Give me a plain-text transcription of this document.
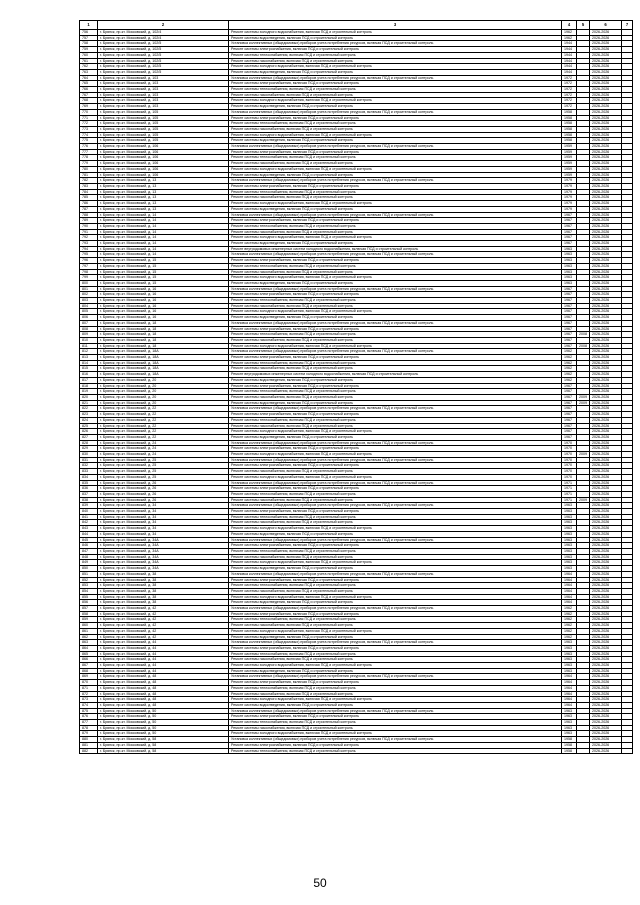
1	2	3	4	5	6	7
756	г. Брянск, пр-кт. Московский, д. 102/4	Ремонт системы холодного водоснабжения, включая ПСД и строительный контроль	1962		2026-2026	
757	г. Брянск, пр-кт. Московский, д. 102/4	Ремонт системы водоотведения, включая ПСД и строительный контроль	1962		2026-2026	
758	г. Брянск, пр-кт. Московский, д. 102/5	Установка коллективных (общедомовых) приборов учета потребления ресурсов, включая ПСД и строительный контроль	1944		2026-2026	
759	г. Брянск, пр-кт. Московский, д. 102/5	Ремонт системы электроснабжения, включая ПСД и строительный контроль	1944		2026-2026	
760	г. Брянск, пр-кт. Московский, д. 102/5	Ремонт системы теплоснабжения, включая ПСД и строительный контроль	1944		2026-2026	
761	г. Брянск, пр-кт. Московский, д. 102/5	Ремонт системы газоснабжения, включая ПСД и строительный контроль	1944		2026-2026	
762	г. Брянск, пр-кт. Московский, д. 102/5	Ремонт системы холодного водоснабжения, включая ПСД и строительный контроль	1944		2026-2026	
763	г. Брянск, пр-кт. Московский, д. 102/5	Ремонт системы водоотведения, включая ПСД и строительный контроль	1944		2026-2026	
764	г. Брянск, пр-кт. Московский, д. 103	Установка коллективных (общедомовых) приборов учета потребления ресурсов, включая ПСД и строительный контроль	1972		2026-2026	
765	г. Брянск, пр-кт. Московский, д. 103	Ремонт системы электроснабжения, включая ПСД и строительный контроль	1972		2026-2026	
766	г. Брянск, пр-кт. Московский, д. 103	Ремонт системы теплоснабжения, включая ПСД и строительный контроль	1972		2026-2026	
767	г. Брянск, пр-кт. Московский, д. 103	Ремонт системы газоснабжения, включая ПСД и строительный контроль	1972		2026-2026	
768	г. Брянск, пр-кт. Московский, д. 103	Ремонт системы холодного водоснабжения, включая ПСД и строительный контроль	1972		2026-2026	
769	г. Брянск, пр-кт. Московский, д. 103	Ремонт системы водоотведения, включая ПСД и строительный контроль	1972		2026-2026	
770	г. Брянск, пр-кт. Московский, д. 105	Установка коллективных (общедомовых) приборов учета потребления ресурсов, включая ПСД и строительный контроль	1958		2026-2026	
771	г. Брянск, пр-кт. Московский, д. 105	Ремонт системы электроснабжения, включая ПСД и строительный контроль	1958		2026-2026	
772	г. Брянск, пр-кт. Московский, д. 105	Ремонт системы теплоснабжения, включая ПСД и строительный контроль	1958		2026-2026	
773	г. Брянск, пр-кт. Московский, д. 105	Ремонт системы газоснабжения, включая ПСД и строительный контроль	1958		2026-2026	
774	г. Брянск, пр-кт. Московский, д. 105	Ремонт системы холодного водоснабжения, включая ПСД и строительный контроль	1958		2026-2026	
775	г. Брянск, пр-кт. Московский, д. 105	Ремонт системы водоотведения, включая ПСД и строительный контроль	1958		2026-2026	
776	г. Брянск, пр-кт. Московский, д. 106	Установка коллективных (общедомовых) приборов учета потребления ресурсов, включая ПСД и строительный контроль	1959		2026-2026	
777	г. Брянск, пр-кт. Московский, д. 106	Ремонт системы электроснабжения, включая ПСД и строительный контроль	1959		2026-2026	
778	г. Брянск, пр-кт. Московский, д. 106	Ремонт системы теплоснабжения, включая ПСД и строительный контроль	1959		2026-2026	
779	г. Брянск, пр-кт. Московский, д. 106	Ремонт системы газоснабжения, включая ПСД и строительный контроль	1959		2026-2026	
780	г. Брянск, пр-кт. Московский, д. 106	Ремонт системы холодного водоснабжения, включая ПСД и строительный контроль	1959		2026-2026	
781	г. Брянск, пр-кт. Московский, д. 106	Ремонт системы водоотведения, включая ПСД и строительный контроль	1959		2026-2026	
782	г. Брянск, пр-кт. Московский, д. 13	Установка коллективных (общедомовых) приборов учета потребления ресурсов, включая ПСД и строительный контроль	1979		2026-2026	
783	г. Брянск, пр-кт. Московский, д. 13	Ремонт системы электроснабжения, включая ПСД и строительный контроль	1979		2026-2026	
784	г. Брянск, пр-кт. Московский, д. 13	Ремонт системы теплоснабжения, включая ПСД и строительный контроль	1979		2026-2026	
785	г. Брянск, пр-кт. Московский, д. 13	Ремонт системы газоснабжения, включая ПСД и строительный контроль	1979		2026-2026	
786	г. Брянск, пр-кт. Московский, д. 13	Ремонт системы холодного водоснабжения, включая ПСД и строительный контроль	1979		2026-2026	
787	г. Брянск, пр-кт. Московский, д. 13	Ремонт системы водоотведения, включая ПСД и строительный контроль	1979		2026-2026	
788	г. Брянск, пр-кт. Московский, д. 14	Установка коллективных (общедомовых) приборов учета потребления ресурсов, включая ПСД и строительный контроль	1967		2026-2026	
789	г. Брянск, пр-кт. Московский, д. 14	Ремонт системы электроснабжения, включая ПСД и строительный контроль	1967		2026-2026	
790	г. Брянск, пр-кт. Московский, д. 14	Ремонт системы теплоснабжения, включая ПСД и строительный контроль	1967		2026-2026	
791	г. Брянск, пр-кт. Московский, д. 14	Ремонт системы газоснабжения, включая ПСД и строительный контроль	1967		2026-2026	
792	г. Брянск, пр-кт. Московский, д. 14	Ремонт системы холодного водоснабжения, включая ПСД и строительный контроль	1967		2026-2026	
793	г. Брянск, пр-кт. Московский, д. 14	Ремонт системы водоотведения, включая ПСД и строительный контроль	1967		2026-2026	
794	г. Брянск, пр-кт. Московский, д. 14	Ремонт внутридомовых инженерных систем холодного водоснабжения, включая ПСД и строительный контроль	1963		2026-2026	
795	г. Брянск, пр-кт. Московский, д. 14	Установка коллективных (общедомовых) приборов учета потребления ресурсов, включая ПСД и строительный контроль	1963		2026-2026	
796	г. Брянск, пр-кт. Московский, д. 15	Ремонт системы электроснабжения, включая ПСД и строительный контроль	1963		2026-2026	
797	г. Брянск, пр-кт. Московский, д. 15	Ремонт системы теплоснабжения, включая ПСД и строительный контроль	1963		2026-2026	
798	г. Брянск, пр-кт. Московский, д. 15	Ремонт системы газоснабжения, включая ПСД и строительный контроль	1963		2026-2026	
799	г. Брянск, пр-кт. Московский, д. 15	Ремонт системы холодного водоснабжения, включая ПСД и строительный контроль	1963		2026-2026	
800	г. Брянск, пр-кт. Московский, д. 15	Ремонт системы водоотведения, включая ПСД и строительный контроль	1963		2026-2026	
801	г. Брянск, пр-кт. Московский, д. 16	Установка коллективных (общедомовых) приборов учета потребления ресурсов, включая ПСД и строительный контроль	1967		2026-2026	
802	г. Брянск, пр-кт. Московский, д. 16	Ремонт системы электроснабжения, включая ПСД и строительный контроль	1967		2026-2026	
803	г. Брянск, пр-кт. Московский, д. 16	Ремонт системы теплоснабжения, включая ПСД и строительный контроль	1967		2026-2026	
804	г. Брянск, пр-кт. Московский, д. 16	Ремонт системы газоснабжения, включая ПСД и строительный контроль	1967		2026-2026	
805	г. Брянск, пр-кт. Московский, д. 16	Ремонт системы холодного водоснабжения, включая ПСД и строительный контроль	1967		2026-2026	
806	г. Брянск, пр-кт. Московский, д. 16	Ремонт системы водоотведения, включая ПСД и строительный контроль	1967		2026-2026	
807	г. Брянск, пр-кт. Московский, д. 18	Установка коллективных (общедомовых) приборов учета потребления ресурсов, включая ПСД и строительный контроль	1967		2026-2026	
808	г. Брянск, пр-кт. Московский, д. 18	Ремонт системы электроснабжения, включая ПСД и строительный контроль	1967		2026-2026	
809	г. Брянск, пр-кт. Московский, д. 18	Ремонт системы теплоснабжения, включая ПСД и строительный контроль	1967	2008	2026-2026	
810	г. Брянск, пр-кт. Московский, д. 18	Ремонт системы газоснабжения, включая ПСД и строительный контроль	1967		2026-2026	
811	г. Брянск, пр-кт. Московский, д. 18	Ремонт системы холодного водоснабжения, включая ПСД и строительный контроль	1967	2008	2026-2026	
812	г. Брянск, пр-кт. Московский, д. 18А	Установка коллективных (общедомовых) приборов учета потребления ресурсов, включая ПСД и строительный контроль	1962		2026-2026	
813	г. Брянск, пр-кт. Московский, д. 18А	Ремонт системы электроснабжения, включая ПСД и строительный контроль	1962		2026-2026	
814	г. Брянск, пр-кт. Московский, д. 18А	Ремонт системы теплоснабжения, включая ПСД и строительный контроль	1962		2026-2026	
815	г. Брянск, пр-кт. Московский, д. 18А	Ремонт системы газоснабжения, включая ПСД и строительный контроль	1962		2026-2026	
816	г. Брянск, пр-кт. Московский, д. 18А	Ремонт внутридомовых инженерных систем холодного водоснабжения, включая ПСД и строительный контроль	1962		2026-2026	
817	г. Брянск, пр-кт. Московский, д. 20	Ремонт системы водоотведения, включая ПСД и строительный контроль	1962		2026-2026	
818	г. Брянск, пр-кт. Московский, д. 20	Ремонт системы электроснабжения, включая ПСД и строительный контроль	1967		2026-2026	
819	г. Брянск, пр-кт. Московский, д. 20	Ремонт системы теплоснабжения, включая ПСД и строительный контроль	1967		2026-2026	
820	г. Брянск, пр-кт. Московский, д. 20	Ремонт системы газоснабжения, включая ПСД и строительный контроль	1967	2009	2026-2026	
821	г. Брянск, пр-кт. Московский, д. 20	Ремонт системы водоотведения, включая ПСД и строительный контроль	1967	2009	2026-2026	
822	г. Брянск, пр-кт. Московский, д. 22	Установка коллективных (общедомовых) приборов учета потребления ресурсов, включая ПСД и строительный контроль	1967		2026-2026	
823	г. Брянск, пр-кт. Московский, д. 22	Ремонт системы электроснабжения, включая ПСД и строительный контроль	1967		2026-2026	
824	г. Брянск, пр-кт. Московский, д. 22	Ремонт системы теплоснабжения, включая ПСД и строительный контроль	1967		2026-2026	
825	г. Брянск, пр-кт. Московский, д. 22	Ремонт системы газоснабжения, включая ПСД и строительный контроль	1967		2026-2026	
826	г. Брянск, пр-кт. Московский, д. 22	Ремонт системы холодного водоснабжения, включая ПСД и строительный контроль	1967		2026-2026	
827	г. Брянск, пр-кт. Московский, д. 22	Ремонт системы водоотведения, включая ПСД и строительный контроль	1967		2026-2026	
828	г. Брянск, пр-кт. Московский, д. 24	Установка коллективных (общедомовых) приборов учета потребления ресурсов, включая ПСД и строительный контроль	1970		2026-2026	
829	г. Брянск, пр-кт. Московский, д. 24	Ремонт системы электроснабжения, включая ПСД и строительный контроль	1970		2026-2026	
830	г. Брянск, пр-кт. Московский, д. 24	Ремонт системы холодного водоснабжения, включая ПСД и строительный контроль	1970	2009	2026-2026	
831	г. Брянск, пр-кт. Московский, д. 25	Установка коллективных (общедомовых) приборов учета потребления ресурсов, включая ПСД и строительный контроль	1970		2026-2026	
832	г. Брянск, пр-кт. Московский, д. 25	Ремонт системы электроснабжения, включая ПСД и строительный контроль	1970		2026-2026	
833	г. Брянск, пр-кт. Московский, д. 25	Ремонт системы газоснабжения, включая ПСД и строительный контроль	1970		2026-2026	
834	г. Брянск, пр-кт. Московский, д. 25	Ремонт системы холодного водоснабжения, включая ПСД и строительный контроль	1970		2026-2026	
835	г. Брянск, пр-кт. Московский, д. 26	Установка коллективных (общедомовых) приборов учета потребления ресурсов, включая ПСД и строительный контроль	1971		2026-2026	
836	г. Брянск, пр-кт. Московский, д. 26	Ремонт системы электроснабжения, включая ПСД и строительный контроль	1971		2026-2026	
837	г. Брянск, пр-кт. Московский, д. 26	Ремонт системы теплоснабжения, включая ПСД и строительный контроль	1971		2026-2026	
838	г. Брянск, пр-кт. Московский, д. 26	Ремонт системы газоснабжения, включая ПСД и строительный контроль	1971	2009	2026-2026	
839	г. Брянск, пр-кт. Московский, д. 34	Установка коллективных (общедомовых) приборов учета потребления ресурсов, включая ПСД и строительный контроль	1963		2026-2026	
840	г. Брянск, пр-кт. Московский, д. 34	Ремонт системы электроснабжения, включая ПСД и строительный контроль	1963		2026-2026	
841	г. Брянск, пр-кт. Московский, д. 34	Ремонт системы теплоснабжения, включая ПСД и строительный контроль	1963		2026-2026	
842	г. Брянск, пр-кт. Московский, д. 34	Ремонт системы газоснабжения, включая ПСД и строительный контроль	1963		2026-2026	
843	г. Брянск, пр-кт. Московский, д. 34	Ремонт системы холодного водоснабжения, включая ПСД и строительный контроль	1963		2026-2026	
844	г. Брянск, пр-кт. Московский, д. 34	Ремонт системы водоотведения, включая ПСД и строительный контроль	1963		2026-2026	
845	г. Брянск, пр-кт. Московский, д. 34А	Установка коллективных (общедомовых) приборов учета потребления ресурсов, включая ПСД и строительный контроль	1963		2026-2026	
846	г. Брянск, пр-кт. Московский, д. 34А	Ремонт системы электроснабжения, включая ПСД и строительный контроль	1963		2026-2026	
847	г. Брянск, пр-кт. Московский, д. 34А	Ремонт системы теплоснабжения, включая ПСД и строительный контроль	1963		2026-2026	
848	г. Брянск, пр-кт. Московский, д. 34А	Ремонт системы газоснабжения, включая ПСД и строительный контроль	1963		2026-2026	
849	г. Брянск, пр-кт. Московский, д. 34А	Ремонт системы холодного водоснабжения, включая ПСД и строительный контроль	1963		2026-2026	
850	г. Брянск, пр-кт. Московский, д. 34А	Ремонт системы водоотведения, включая ПСД и строительный контроль	1963		2026-2026	
851	г. Брянск, пр-кт. Московский, д. 38	Установка коллективных (общедомовых) приборов учета потребления ресурсов, включая ПСД и строительный контроль	1964		2026-2026	
852	г. Брянск, пр-кт. Московский, д. 38	Ремонт системы электроснабжения, включая ПСД и строительный контроль	1964		2026-2026	
853	г. Брянск, пр-кт. Московский, д. 38	Ремонт системы теплоснабжения, включая ПСД и строительный контроль	1964		2026-2026	
854	г. Брянск, пр-кт. Московский, д. 38	Ремонт системы газоснабжения, включая ПСД и строительный контроль	1964		2026-2026	
855	г. Брянск, пр-кт. Московский, д. 38	Ремонт системы холодного водоснабжения, включая ПСД и строительный контроль	1964		2026-2026	
856	г. Брянск, пр-кт. Московский, д. 38	Ремонт системы водоотведения, включая ПСД и строительный контроль	1964		2026-2026	
857	г. Брянск, пр-кт. Московский, д. 42	Установка коллективных (общедомовых) приборов учета потребления ресурсов, включая ПСД и строительный контроль	1962		2026-2026	
858	г. Брянск, пр-кт. Московский, д. 42	Ремонт системы электроснабжения, включая ПСД и строительный контроль	1962		2026-2026	
859	г. Брянск, пр-кт. Московский, д. 42	Ремонт системы теплоснабжения, включая ПСД и строительный контроль	1962		2026-2026	
860	г. Брянск, пр-кт. Московский, д. 42	Ремонт системы газоснабжения, включая ПСД и строительный контроль	1962		2026-2026	
861	г. Брянск, пр-кт. Московский, д. 42	Ремонт системы холодного водоснабжения, включая ПСД и строительный контроль	1962		2026-2026	
862	г. Брянск, пр-кт. Московский, д. 42	Ремонт системы водоотведения, включая ПСД и строительный контроль	1962		2026-2026	
863	г. Брянск, пр-кт. Московский, д. 44	Установка коллективных (общедомовых) приборов учета потребления ресурсов, включая ПСД и строительный контроль	1963		2026-2026	
864	г. Брянск, пр-кт. Московский, д. 44	Ремонт системы электроснабжения, включая ПСД и строительный контроль	1963		2026-2026	
865	г. Брянск, пр-кт. Московский, д. 44	Ремонт системы теплоснабжения, включая ПСД и строительный контроль	1963		2026-2026	
866	г. Брянск, пр-кт. Московский, д. 44	Ремонт системы газоснабжения, включая ПСД и строительный контроль	1963		2026-2026	
867	г. Брянск, пр-кт. Московский, д. 44	Ремонт системы холодного водоснабжения, включая ПСД и строительный контроль	1963		2026-2026	
868	г. Брянск, пр-кт. Московский, д. 44	Ремонт системы водоотведения, включая ПСД и строительный контроль	1963		2026-2026	
869	г. Брянск, пр-кт. Московский, д. 48	Установка коллективных (общедомовых) приборов учета потребления ресурсов, включая ПСД и строительный контроль	1964		2026-2026	
870	г. Брянск, пр-кт. Московский, д. 48	Ремонт системы электроснабжения, включая ПСД и строительный контроль	1964		2026-2026	
871	г. Брянск, пр-кт. Московский, д. 48	Ремонт системы теплоснабжения, включая ПСД и строительный контроль	1964		2026-2026	
872	г. Брянск, пр-кт. Московский, д. 48	Ремонт системы газоснабжения, включая ПСД и строительный контроль	1964		2026-2026	
873	г. Брянск, пр-кт. Московский, д. 48	Ремонт системы холодного водоснабжения, включая ПСД и строительный контроль	1964		2026-2026	
874	г. Брянск, пр-кт. Московский, д. 48	Ремонт системы водоотведения, включая ПСД и строительный контроль	1964		2026-2026	
875	г. Брянск, пр-кт. Московский, д. 50	Установка коллективных (общедомовых) приборов учета потребления ресурсов, включая ПСД и строительный контроль	1963		2026-2026	
876	г. Брянск, пр-кт. Московский, д. 50	Ремонт системы электроснабжения, включая ПСД и строительный контроль	1963		2026-2026	
877	г. Брянск, пр-кт. Московский, д. 50	Ремонт системы теплоснабжения, включая ПСД и строительный контроль	1963		2026-2026	
878	г. Брянск, пр-кт. Московский, д. 50	Ремонт системы газоснабжения, включая ПСД и строительный контроль	1963		2026-2026	
879	г. Брянск, пр-кт. Московский, д. 50	Ремонт системы холодного водоснабжения, включая ПСД и строительный контроль	1963		2026-2026	
880	г. Брянск, пр-кт. Московский, д. 58	Установка коллективных (общедомовых) приборов учета потребления ресурсов, включая ПСД и строительный контроль	1958		2026-2026	
881	г. Брянск, пр-кт. Московский, д. 58	Ремонт системы электроснабжения, включая ПСД и строительный контроль	1958		2026-2026	
882	г. Брянск, пр-кт. Московский, д. 58	Ремонт системы теплоснабжения, включая ПСД и строительный контроль	1958		2026-2026	
50
